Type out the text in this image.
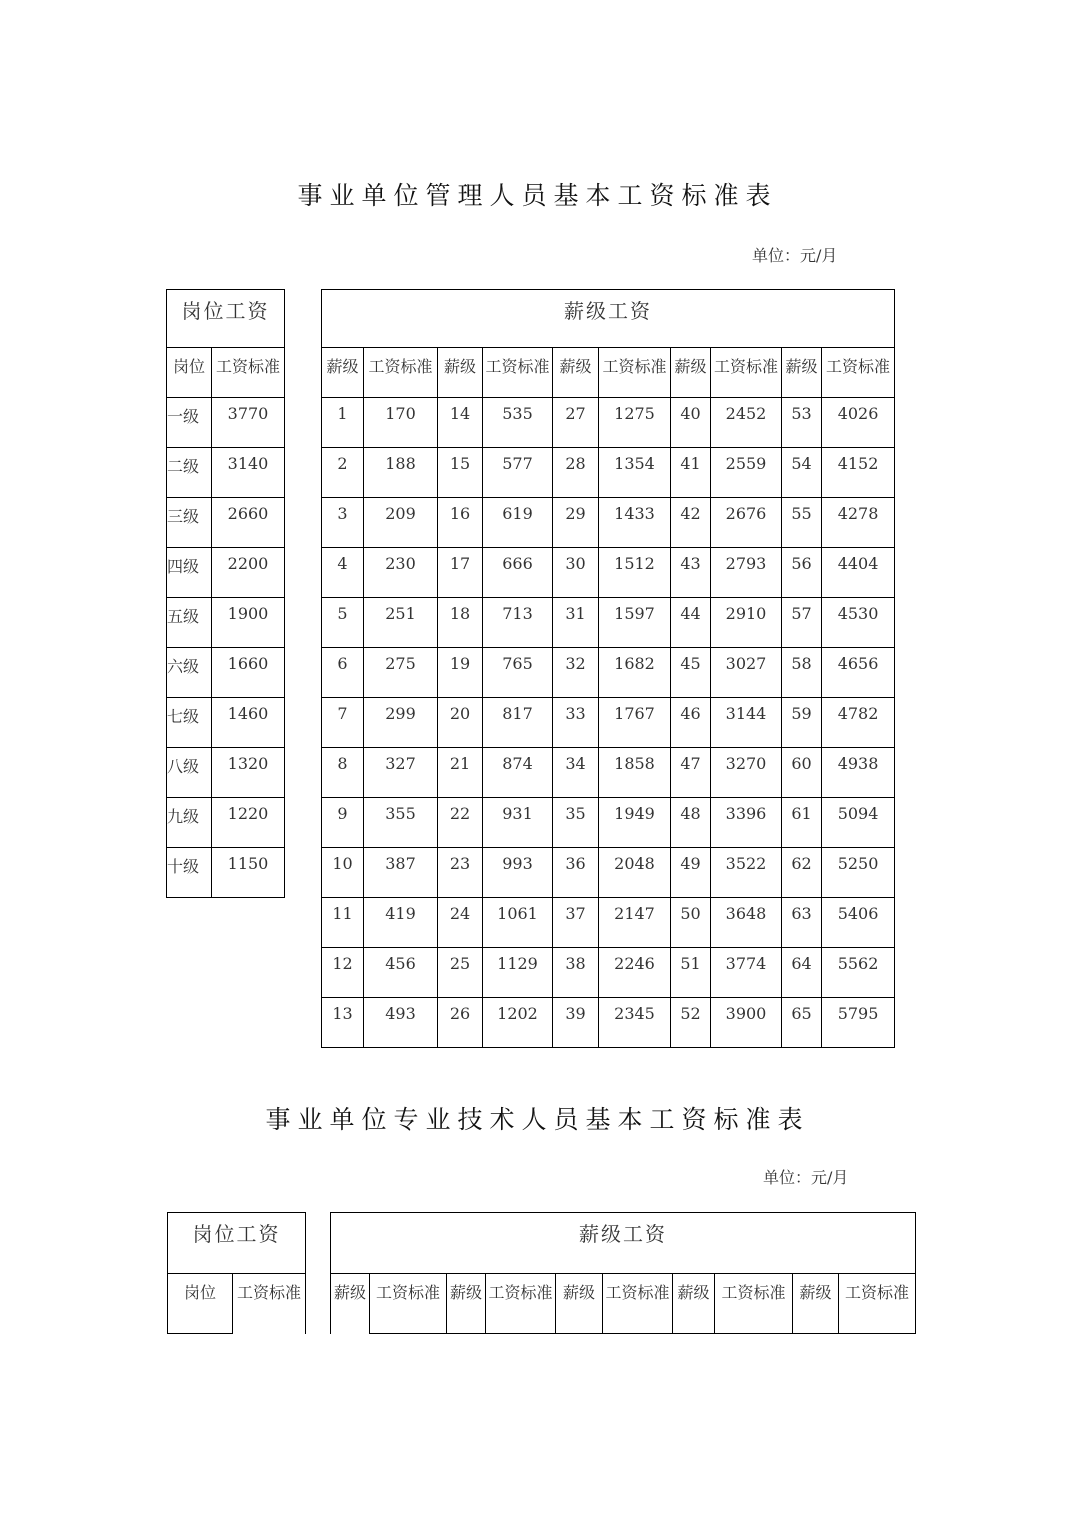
事业单位管理人员基本工资标准表
单位：元/月
岗位工资	
岗位	工资标准
一级	3770
二级	3140
三级	2660
四级	2200
五级	1900
六级	1660
七级	1460
八级	1320
九级	1220
十级	1150
薪级工资									
薪级	工资标准	薪级	工资标准	薪级	工资标准	薪级	工资标准	薪级	工资标准
1	170	14	535	27	1275	40	2452	53	4026
2	188	15	577	28	1354	41	2559	54	4152
3	209	16	619	29	1433	42	2676	55	4278
4	230	17	666	30	1512	43	2793	56	4404
5	251	18	713	31	1597	44	2910	57	4530
6	275	19	765	32	1682	45	3027	58	4656
7	299	20	817	33	1767	46	3144	59	4782
8	327	21	874	34	1858	47	3270	60	4938
9	355	22	931	35	1949	48	3396	61	5094
10	387	23	993	36	2048	49	3522	62	5250
11	419	24	1061	37	2147	50	3648	63	5406
12	456	25	1129	38	2246	51	3774	64	5562
13	493	26	1202	39	2345	52	3900	65	5795
事业单位专业技术人员基本工资标准表
单位：元/月
岗位工资
岗位	工资标准
薪级工资
薪级	工资标准	薪级	工资标准	薪级	工资标准	薪级	工资标准	薪级	工资标准
